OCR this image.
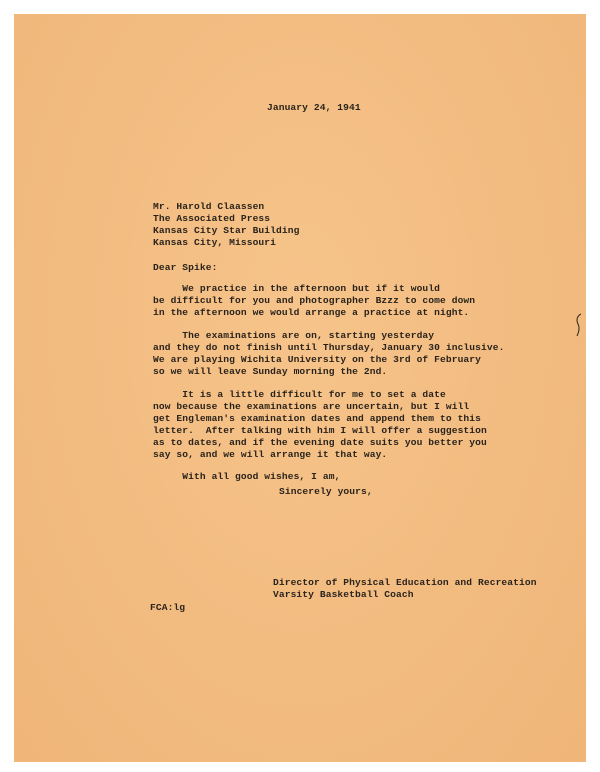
January 24, 1941
Mr. Harold Claassen
The Associated Press
Kansas City Star Building
Kansas City, Missouri
Dear Spike:
We practice in the afternoon but if it would
be difficult for you and photographer Bzzz to come down
in the afternoon we would arrange a practice at night.
The examinations are on, starting yesterday
and they do not finish until Thursday, January 30 inclusive.
We are playing Wichita University on the 3rd of February
so we will leave Sunday morning the 2nd.
It is a little difficult for me to set a date
now because the examinations are uncertain, but I will
get Engleman's examination dates and append them to this
letter.  After talking with him I will offer a suggestion
as to dates, and if the evening date suits you better you
say so, and we will arrange it that way.
With all good wishes, I am,
Sincerely yours,
Director of Physical Education and Recreation
Varsity Basketball Coach
FCA:lg
